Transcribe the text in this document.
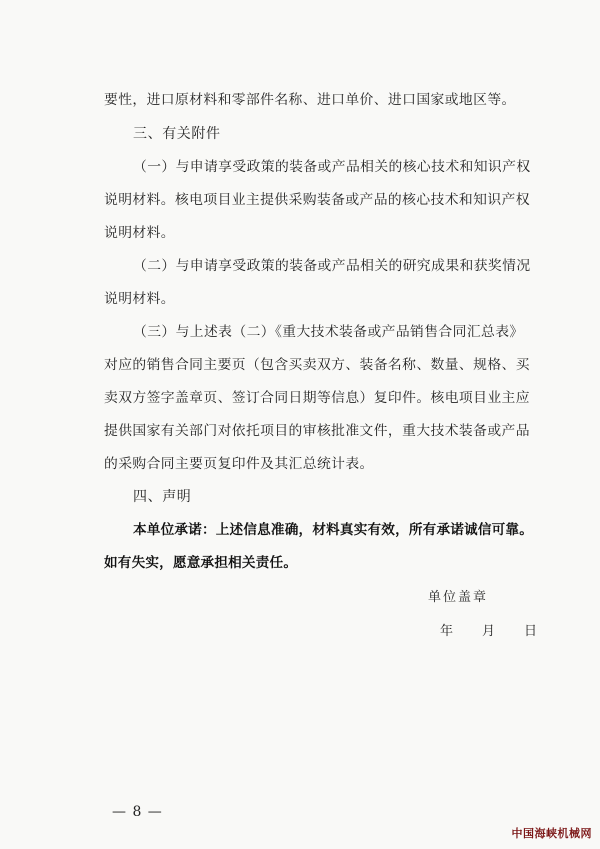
要性，进口原材料和零部件名称、进口单价、进口国家或地区等。
三、有关附件
（一）与申请享受政策的装备或产品相关的核心技术和知识产权
说明材料。核电项目业主提供采购装备或产品的核心技术和知识产权
说明材料。
（二）与申请享受政策的装备或产品相关的研究成果和获奖情况
说明材料。
（三）与上述表（二）《重大技术装备或产品销售合同汇总表》
对应的销售合同主要页（包含买卖双方、装备名称、数量、规格、买
卖双方签字盖章页、签订合同日期等信息）复印件。核电项目业主应
提供国家有关部门对依托项目的审核批准文件，重大技术装备或产品
的采购合同主要页复印件及其汇总统计表。
四、声明
本单位承诺：上述信息准确，材料真实有效，所有承诺诚信可靠。
如有失实，愿意承担相关责任。
单位盖章
年　　月　　日
— 8 —
中国海峡机械网
